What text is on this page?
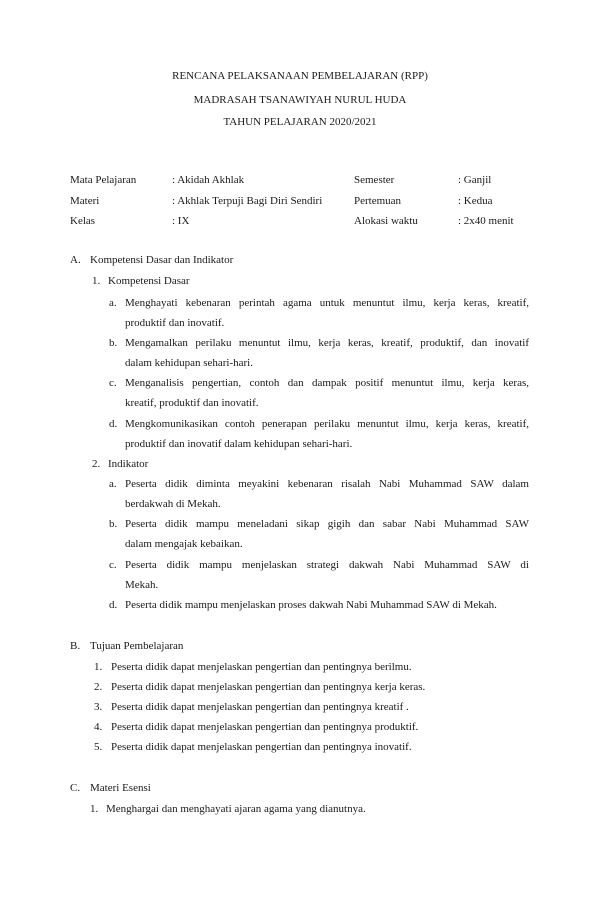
RENCANA PELAKSANAAN PEMBELAJARAN (RPP)
MADRASAH TSANAWIYAH NURUL HUDA
TAHUN PELAJARAN 2020/2021
Mata Pelajaran	: Akidah Akhlak	Semester	: Ganjil
Materi	: Akhlak Terpuji Bagi Diri Sendiri	Pertemuan	: Kedua
Kelas	: IX	Alokasi waktu	: 2x40 menit
A. Kompetensi Dasar dan Indikator
1. Kompetensi Dasar
a. Menghayati kebenaran perintah agama untuk menuntut ilmu, kerja keras, kreatif,
produktif dan inovatif.
b. Mengamalkan perilaku menuntut ilmu, kerja keras, kreatif, produktif, dan inovatif
dalam kehidupan sehari-hari.
c. Menganalisis pengertian, contoh dan dampak positif menuntut ilmu, kerja keras,
kreatif, produktif dan inovatif.
d. Mengkomunikasikan contoh penerapan perilaku menuntut ilmu, kerja keras, kreatif,
produktif dan inovatif dalam kehidupan sehari-hari.
2. Indikator
a. Peserta didik diminta meyakini kebenaran risalah Nabi Muhammad SAW dalam
berdakwah di Mekah.
b. Peserta didik mampu meneladani sikap gigih dan sabar Nabi Muhammad SAW
dalam mengajak kebaikan.
c. Peserta didik mampu menjelaskan strategi dakwah Nabi Muhammad SAW di
Mekah.
d. Peserta didik mampu menjelaskan proses dakwah Nabi Muhammad SAW di Mekah.
B. Tujuan Pembelajaran
1. Peserta didik dapat menjelaskan pengertian dan pentingnya berilmu.
2. Peserta didik dapat menjelaskan pengertian dan pentingnya kerja keras.
3. Peserta didik dapat menjelaskan pengertian dan pentingnya kreatif .
4. Peserta didik dapat menjelaskan pengertian dan pentingnya produktif.
5. Peserta didik dapat menjelaskan pengertian dan pentingnya inovatif.
C. Materi Esensi
1. Menghargai dan menghayati ajaran agama yang dianutnya.
